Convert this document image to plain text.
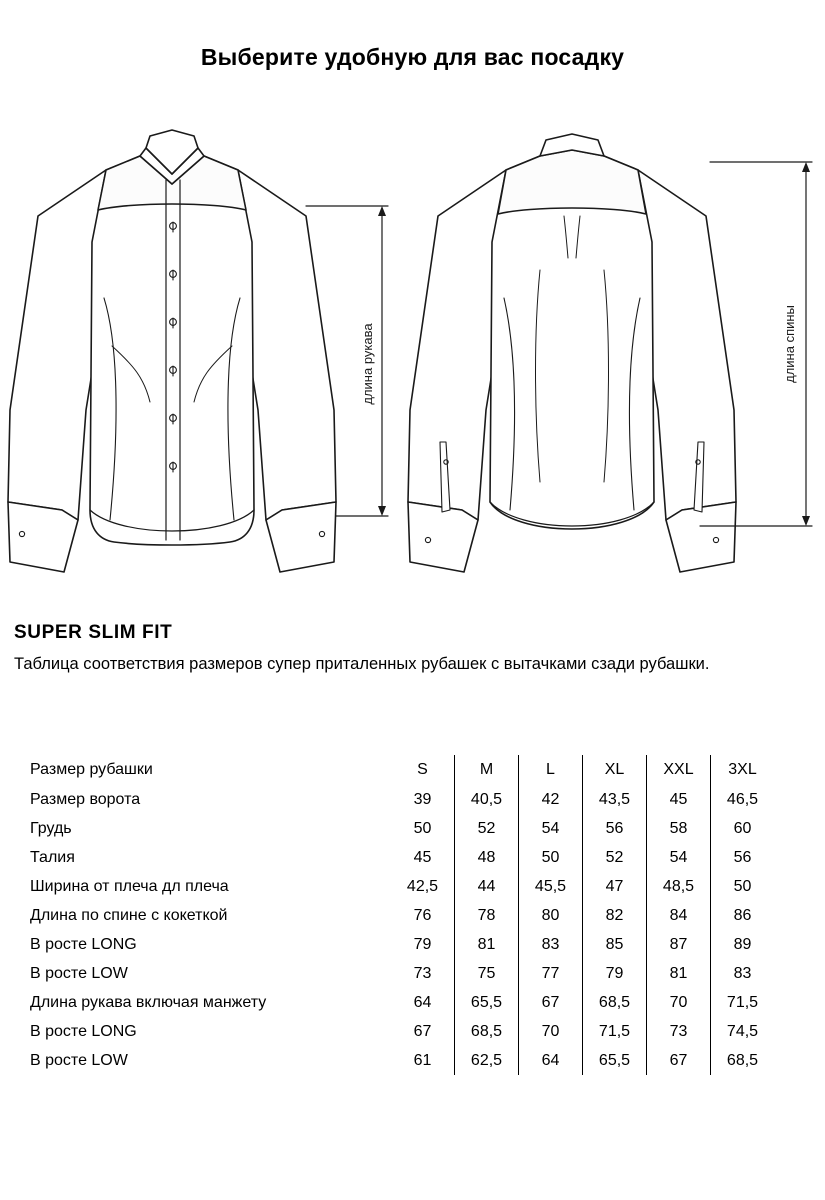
Выберите удобную для вас посадку
длина рукава	длина спины
SUPER SLIM FIT
Таблица соответствия размеров супер приталенных рубашек с вытачками сзади рубашки.
Размер рубашки	S	M	L	XL	XXL	3XL
Размер ворота	39	40,5	42	43,5	45	46,5
Грудь	50	52	54	56	58	60
Талия	45	48	50	52	54	56
Ширина от плеча дл плеча	42,5	44	45,5	47	48,5	50
Длина по спине с кокеткой	76	78	80	82	84	86
В росте LONG	79	81	83	85	87	89
В росте LOW	73	75	77	79	81	83
Длина рукава включая манжету	64	65,5	67	68,5	70	71,5
В росте LONG	67	68,5	70	71,5	73	74,5
В росте LOW	61	62,5	64	65,5	67	68,5
